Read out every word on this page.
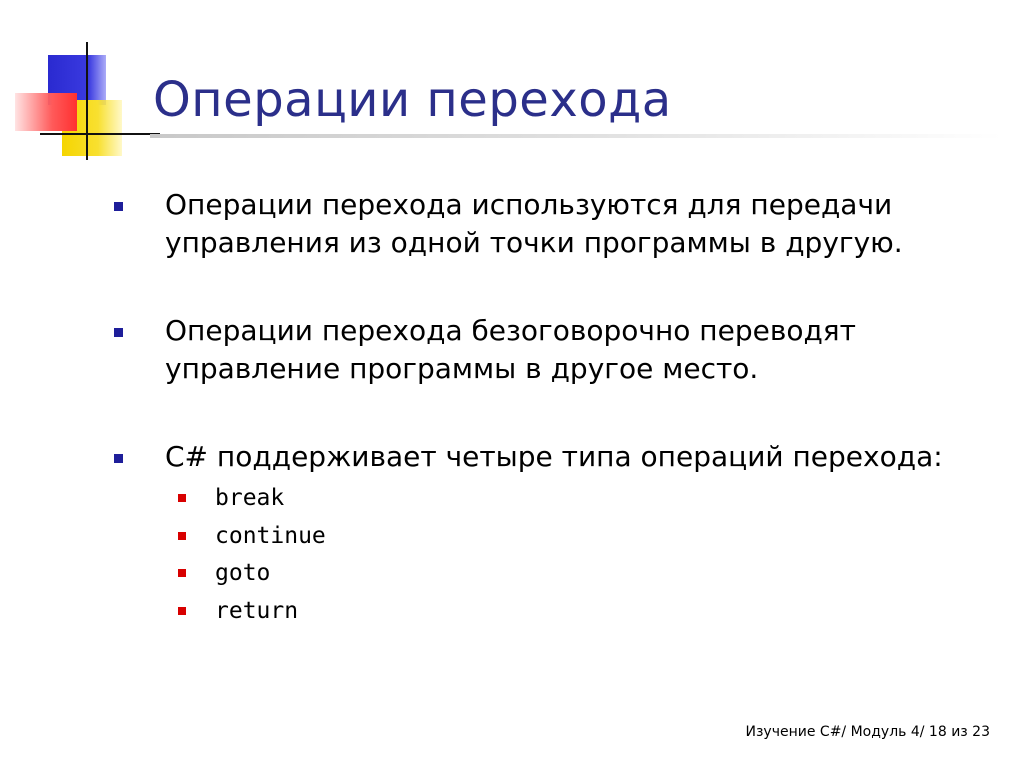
Операции перехода
Операции перехода используются для передачи управления из одной точки программы в другую.
Операции перехода безоговорочно переводят управление программы в другое место.
C# поддерживает четыре типа операций перехода:
break
continue
goto
return
Изучение C#/ Модуль 4/ 18 из 23
